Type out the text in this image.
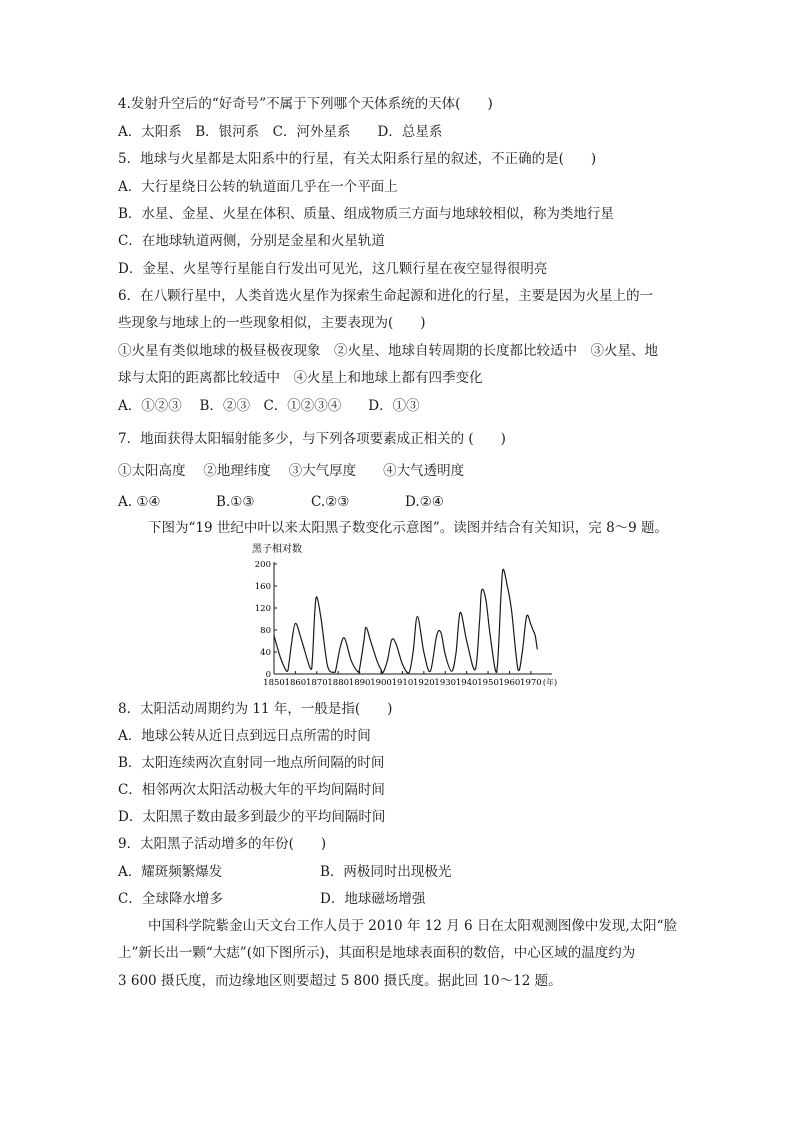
4.发射升空后的“好奇号”不属于下列哪个天体系统的天体(　　)
A．太阳系　B．银河系　C．河外星系　　D．总星系
5．地球与火星都是太阳系中的行星，有关太阳系行星的叙述，不正确的是(　　)
A．大行星绕日公转的轨道面几乎在一个平面上
B．水星、金星、火星在体积、质量、组成物质三方面与地球较相似，称为类地行星
C．在地球轨道两侧，分别是金星和火星轨道
D．金星、火星等行星能自行发出可见光，这几颗行星在夜空显得很明亮
6．在八颗行星中，人类首选火星作为探索生命起源和进化的行星，主要是因为火星上的一
些现象与地球上的一些现象相似，主要表现为(　　)
①火星有类似地球的极昼极夜现象　②火星、地球自转周期的长度都比较适中　③火星、地
球与太阳的距离都比较适中　④火星上和地球上都有四季变化
A．①②③　 B．②③　C．①②③④　　D．①③
7．地面获得太阳辐射能多少，与下列各项要素成正相关的 (　　)
①太阳高度　 ②地理纬度　 ③大气厚度　　④大气透明度
A. ①④	B.①③	C.②③	D.②④
下图为“19 世纪中叶以来太阳黑子数变化示意图”。读图并结合有关知识，完 8～9 题。
黑子相对数
0
40
80
120
160
200
1850 1860 1870 1880 1890 1900 1910 1920 1930 1940 1950 1960 1970 (年)
8．太阳活动周期约为 11 年，一般是指(　　)
A．地球公转从近日点到远日点所需的时间
B．太阳连续两次直射同一地点所间隔的时间
C．相邻两次太阳活动极大年的平均间隔时间
D．太阳黑子数由最多到最少的平均间隔时间
9．太阳黑子活动增多的年份(　　)
A．耀斑频繁爆发	B．两极同时出现极光
C．全球降水增多	D．地球磁场增强
中国科学院紫金山天文台工作人员于 2010 年 12 月 6 日在太阳观测图像中发现,太阳“脸
上”新长出一颗“大痣”(如下图所示)，其面积是地球表面积的数倍，中心区域的温度约为
3 600 摄氏度，而边缘地区则要超过 5 800 摄氏度。据此回 10～12 题。
